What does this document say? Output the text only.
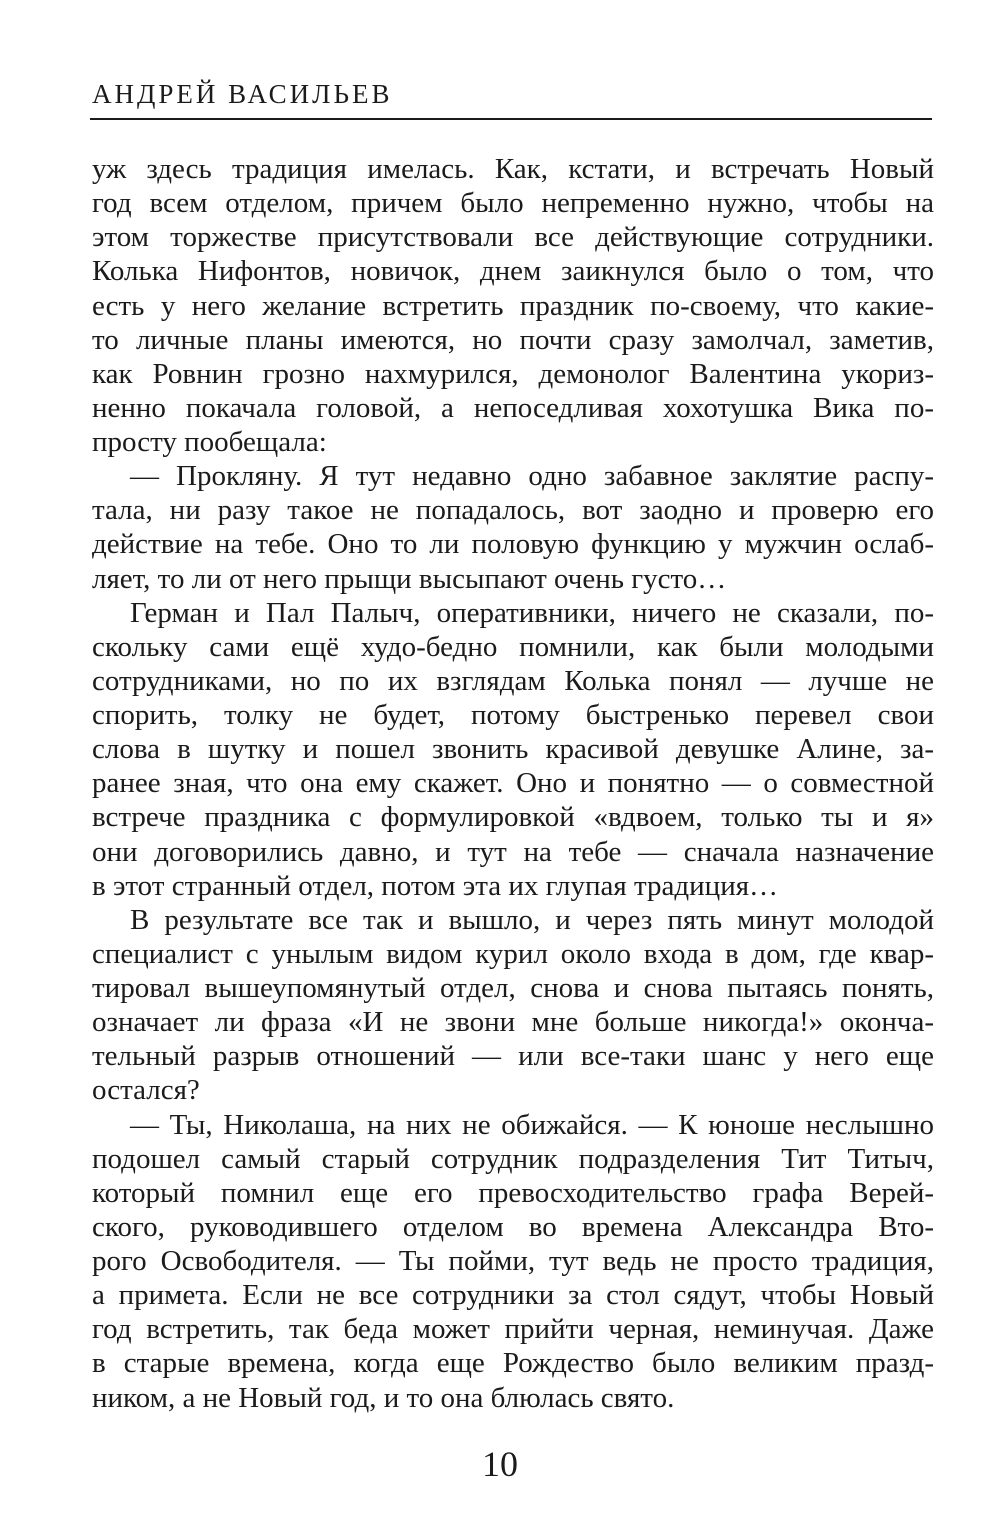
АНДРЕЙ ВАСИЛЬЕВ
уж здесь традиция имелась. Как, кстати, и встречать Новый
год всем отделом, причем было непременно нужно, чтобы на
этом торжестве присутствовали все действующие сотрудники.
Колька Нифонтов, новичок, днем заикнулся было о том, что
есть у него желание встретить праздник по-своему, что какие-
то личные планы имеются, но почти сразу замолчал, заметив,
как Ровнин грозно нахмурился, демонолог Валентина укориз-
ненно покачала головой, а непоседливая хохотушка Вика по-
просту пообещала:
— Прокляну. Я тут недавно одно забавное заклятие распу-
тала, ни разу такое не попадалось, вот заодно и проверю его
действие на тебе. Оно то ли половую функцию у мужчин ослаб-
ляет, то ли от него прыщи высыпают очень густо…
Герман и Пал Палыч, оперативники, ничего не сказали, по-
скольку сами ещё худо-бедно помнили, как были молодыми
сотрудниками, но по их взглядам Колька понял — лучше не
спорить, толку не будет, потому быстренько перевел свои
слова в шутку и пошел звонить красивой девушке Алине, за-
ранее зная, что она ему скажет. Оно и понятно — о совместной
встрече праздника с формулировкой «вдвоем, только ты и я»
они договорились давно, и тут на тебе — сначала назначение
в этот странный отдел, потом эта их глупая традиция…
В результате все так и вышло, и через пять минут молодой
специалист с унылым видом курил около входа в дом, где квар-
тировал вышеупомянутый отдел, снова и снова пытаясь понять,
означает ли фраза «И не звони мне больше никогда!» оконча-
тельный разрыв отношений — или все-таки шанс у него еще
остался?
— Ты, Николаша, на них не обижайся. — К юноше неслышно
подошел самый старый сотрудник подразделения Тит Титыч,
который помнил еще его превосходительство графа Верей-
ского, руководившего отделом во времена Александра Вто-
рого Освободителя. — Ты пойми, тут ведь не просто традиция,
а примета. Если не все сотрудники за стол сядут, чтобы Новый
год встретить, так беда может прийти черная, неминучая. Даже
в старые времена, когда еще Рождество было великим празд-
ником, а не Новый год, и то она блюлась свято.
10
